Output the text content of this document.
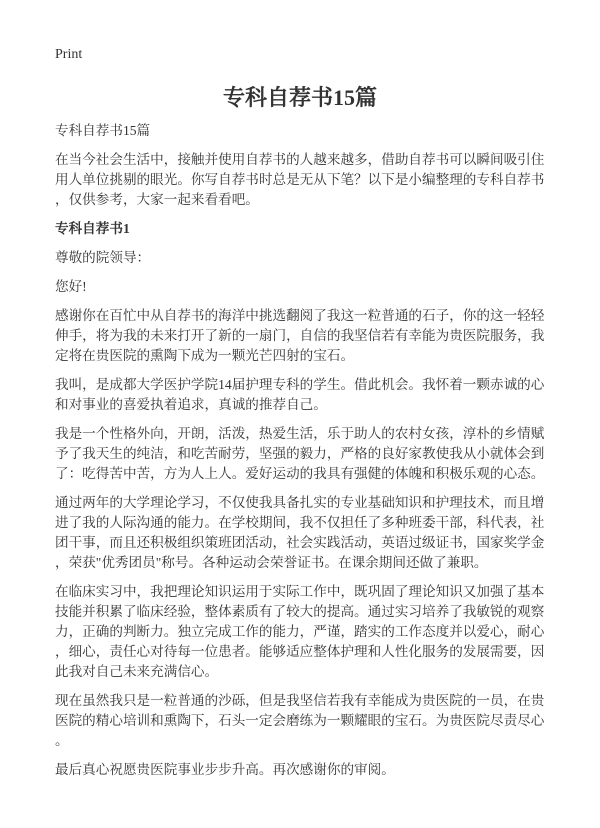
Print
专科自荐书15篇

专科自荐书15篇

在当今社会生活中，接触并使用自荐书的人越来越多，借助自荐书可以瞬间吸引住用人单位挑剔的眼光。你写自荐书时总是无从下笔？以下是小编整理的专科自荐书，仅供参考，大家一起来看看吧。

专科自荐书1

尊敬的院领导：

您好!

感谢你在百忙中从自荐书的海洋中挑选翻阅了我这一粒普通的石子，你的这一轻轻伸手，将为我的未来打开了新的一扇门，自信的我坚信若有幸能为贵医院服务，我定将在贵医院的熏陶下成为一颗光芒四射的宝石。

我叫，是成都大学医护学院14届护理专科的学生。借此机会。我怀着一颗赤诚的心和对事业的喜爱执着追求，真诚的推荐自己。

我是一个性格外向，开朗，活泼，热爱生活，乐于助人的农村女孩，淳朴的乡情赋予了我天生的纯洁，和吃苦耐劳，坚强的毅力，严格的良好家教使我从小就体会到了：吃得苦中苦，方为人上人。爱好运动的我具有强健的体魄和积极乐观的心态。

通过两年的大学理论学习，不仅使我具备扎实的专业基础知识和护理技术，而且增进了我的人际沟通的能力。在学校期间，我不仅担任了多种班委干部，科代表，社团干事，而且还积极组织策班团活动，社会实践活动，英语过级证书，国家奖学金，荣获"优秀团员"称号。各种运动会荣誉证书。在课余期间还做了兼职。

在临床实习中，我把理论知识运用于实际工作中，既巩固了理论知识又加强了基本技能并积累了临床经验，整体素质有了较大的提高。通过实习培养了我敏锐的观察力，正确的判断力。独立完成工作的能力，严谨，踏实的工作态度并以爱心，耐心，细心，责任心对待每一位患者。能够适应整体护理和人性化服务的发展需要，因此我对自己未来充满信心。

现在虽然我只是一粒普通的沙砾，但是我坚信若我有幸能成为贵医院的一员，在贵医院的精心培训和熏陶下，石头一定会磨练为一颗耀眼的宝石。为贵医院尽责尽心。

最后真心祝愿贵医院事业步步升高。再次感谢你的审阅。
